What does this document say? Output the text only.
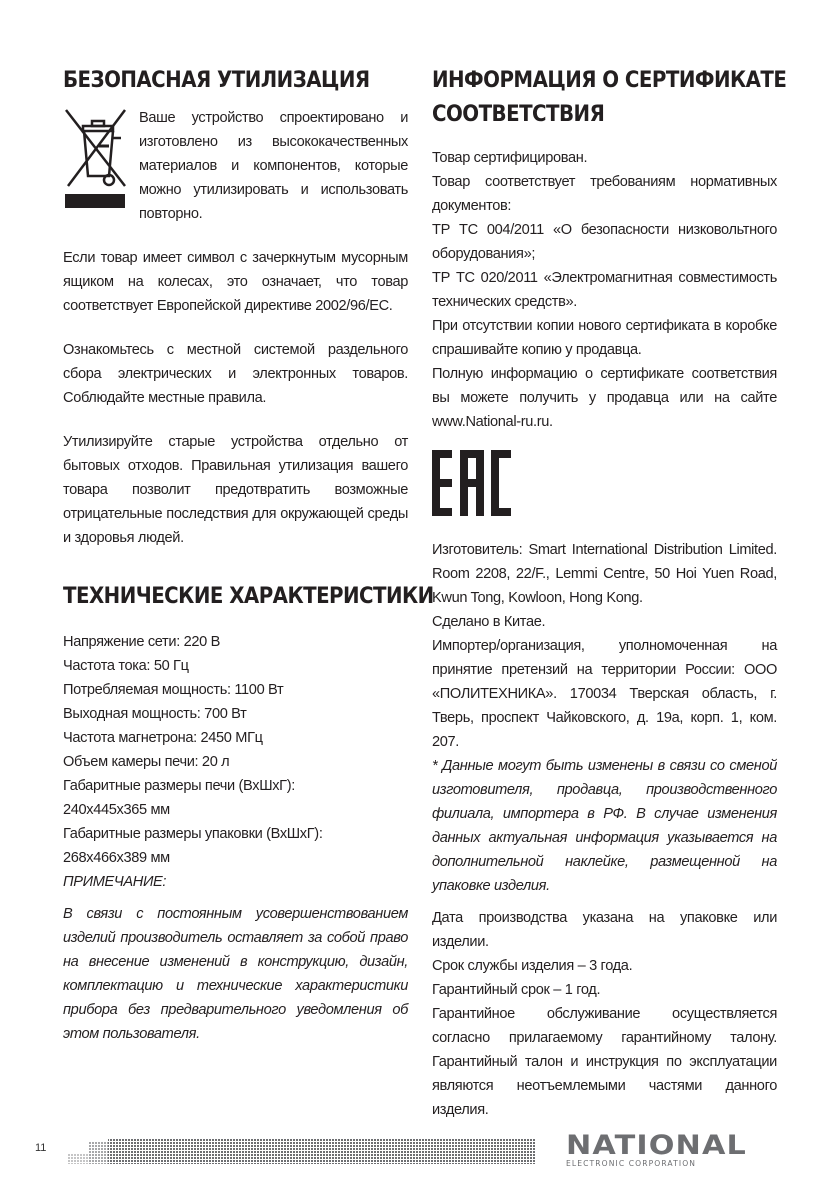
БЕЗОПАСНАЯ УТИЛИЗАЦИЯ

Ваше устройство спроектировано и изготовлено из высококачественных материалов и компонентов, которые можно утилизировать и использовать повторно.

Если товар имеет символ с зачеркнутым мусорным ящиком на колесах, это означает, что товар соответствует Европейской директиве 2002/96/EC.

Ознакомьтесь с местной системой раздельного сбора электрических и электронных товаров. Соблюдайте местные правила.

Утилизируйте старые устройства отдельно от бытовых отходов. Правильная утилизация вашего товара позволит предотвратить возможные отрицательные последствия для окружающей среды и здоровья людей.

ТЕХНИЧЕСКИЕ ХАРАКТЕРИСТИКИ

Напряжение сети: 220 В

Частота тока: 50 Гц

Потребляемая мощность: 1100 Вт

Выходная мощность: 700 Вт

Частота магнетрона: 2450 МГц

Объем камеры печи: 20 л

Габаритные размеры печи (ВхШхГ):

240х445х365 мм

Габаритные размеры упаковки (ВхШхГ):

268х466х389 мм

ПРИМЕЧАНИЕ:

В связи с постоянным усовершенствованием изделий производитель оставляет за собой право на внесение изменений в конструкцию, дизайн, комплектацию и технические характеристики прибора без предварительного уведомления об этом пользователя.

ИНФОРМАЦИЯ О СЕРТИФИКАТЕ
СООТВЕТСТВИЯ

Товар сертифицирован.

Товар соответствует требованиям нормативных документов:

ТР ТС 004/2011 «О безопасности низковольтного оборудования»;

ТР ТС 020/2011 «Электромагнитная совместимость технических средств».

При отсутствии копии нового сертификата в коробке спрашивайте копию у продавца.

Полную информацию о сертификате соответствия вы можете получить у продавца или на сайте www.National-ru.ru.

Изготовитель: Smart International Distribution Limited. Room 2208, 22/F., Lemmi Centre, 50 Hoi Yuen Road, Kwun Tong, Kowloon, Hong Kong.

Сделано в Китае.

Импортер/организация, уполномоченная на принятие претензий на территории России: ООО «ПОЛИТЕХНИКА». 170034 Тверская область, г. Тверь, проспект Чайковского, д. 19а, корп. 1, ком. 207.

* Данные могут быть изменены в связи со сменой изготовителя, продавца, производственного филиала, импортера в РФ. В случае изменения данных актуальная информация указывается на дополнительной наклейке, размещенной на упаковке изделия.

Дата производства указана на упаковке или изделии.

Срок службы изделия – 3 года.

Гарантийный срок – 1 год.

Гарантийное обслуживание осуществляется согласно прилагаемому гарантийному талону. Гарантийный талон и инструкция по эксплуатации являются неотъемлемыми частями данного изделия.

11	NATIONAL
ELECTRONIC CORPORATION
